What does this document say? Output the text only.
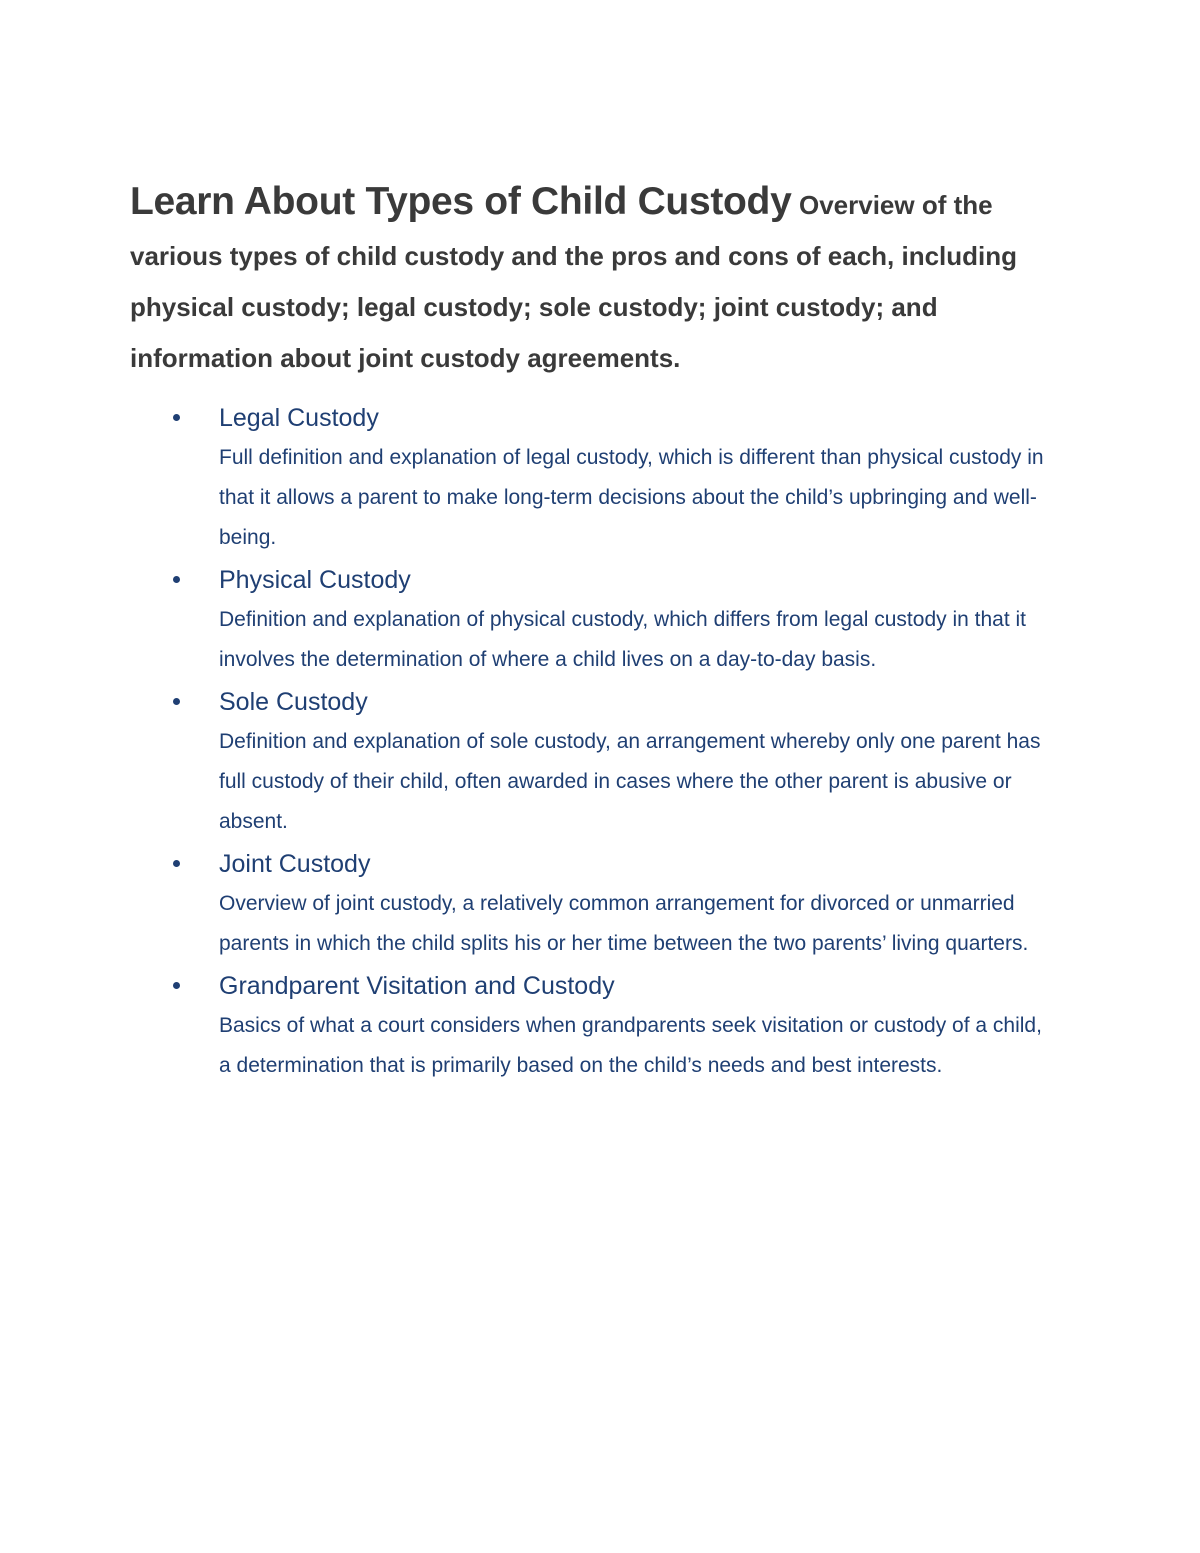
Learn About Types of Child Custody Overview of the various types of child custody and the pros and cons of each, including physical custody; legal custody; sole custody; joint custody; and information about joint custody agreements.
Legal Custody

Full definition and explanation of legal custody, which is different than physical custody in that it allows a parent to make long-term decisions about the child’s upbringing and well-being.

Physical Custody

Definition and explanation of physical custody, which differs from legal custody in that it involves the determination of where a child lives on a day-to-day basis.

Sole Custody

Definition and explanation of sole custody, an arrangement whereby only one parent has full custody of their child, often awarded in cases where the other parent is abusive or absent.

Joint Custody

Overview of joint custody, a relatively common arrangement for divorced or unmarried parents in which the child splits his or her time between the two parents’ living quarters.

Grandparent Visitation and Custody

Basics of what a court considers when grandparents seek visitation or custody of a child, a determination that is primarily based on the child’s needs and best interests.
